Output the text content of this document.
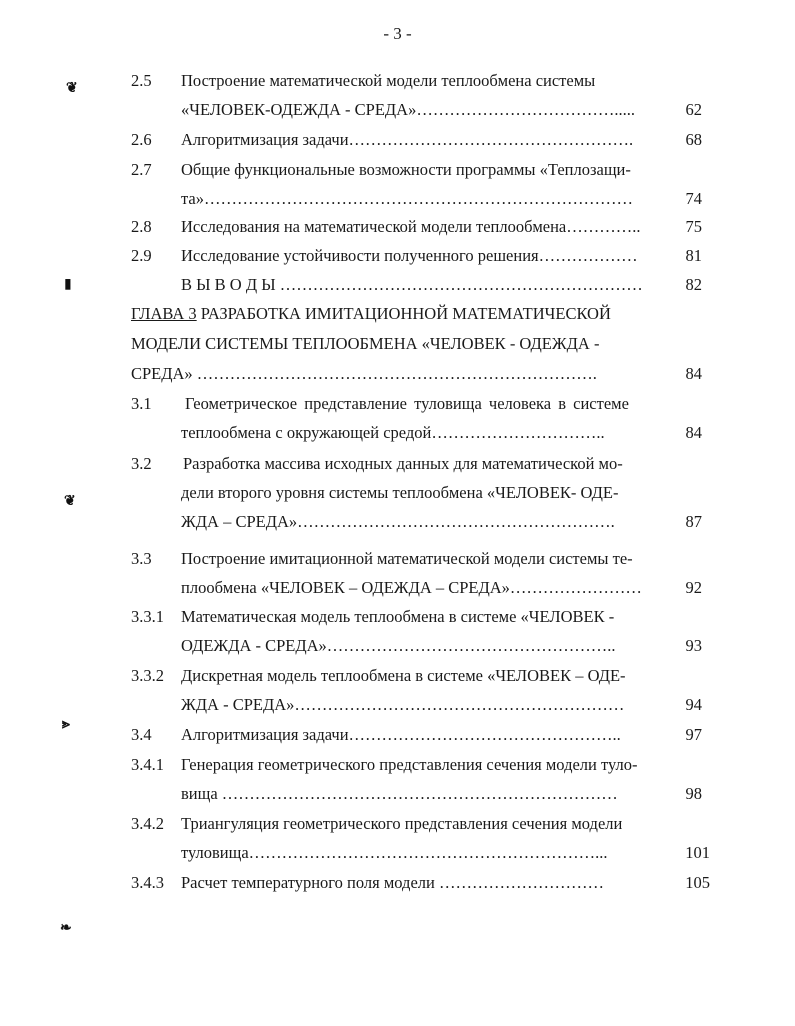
- 3 -
❦
▮
❦
⪢
❧
2.5 Построение математической модели теплообмена системы
«ЧЕЛОВЕК-ОДЕЖДА - СРЕДА»……………………………….....	62
2.6 Алгоритмизация задачи…………………………………………….	68
2.7 Общие функциональные возможности программы «Теплозащи-
та»……………………………………………………………………	74
2.8 Исследования на математической модели теплообмена…………..	75
2.9 Исследование устойчивости полученного решения………………	81
В Ы В О Д Ы …………………………………………………………	82
ГЛАВА 3 РАЗРАБОТКА ИМИТАЦИОННОЙ МАТЕМАТИЧЕСКОЙ
МОДЕЛИ СИСТЕМЫ ТЕПЛООБМЕНА «ЧЕЛОВЕК - ОДЕЖДА -
СРЕДА» ……………………………………………………………….	84
3.1 Геометрическое представление туловища человека в системе
теплообмена с окружающей средой…………………………..	84
3.2 Разработка массива исходных данных для математической мо-
дели второго уровня системы теплообмена «ЧЕЛОВЕК- ОДЕ-
ЖДА – СРЕДА»………………………………………………….	87
3.3 Построение имитационной математической модели системы те-
плообмена «ЧЕЛОВЕК – ОДЕЖДА – СРЕДА»……………………	92
3.3.1 Математическая модель теплообмена в системе «ЧЕЛОВЕК -
ОДЕЖДА - СРЕДА»……………………………………………..	93
3.3.2 Дискретная модель теплообмена в системе «ЧЕЛОВЕК – ОДЕ-
ЖДА - СРЕДА»……………………………………………………	94
3.4 Алгоритмизация задачи…………………………………………..	97
3.4.1 Генерация геометрического представления сечения модели туло-
вища ………………………………………………………………	98
3.4.2 Триангуляция геометрического представления сечения модели
туловища………………………………………………………...	101
3.4.3 Расчет температурного поля модели …………………………	105
